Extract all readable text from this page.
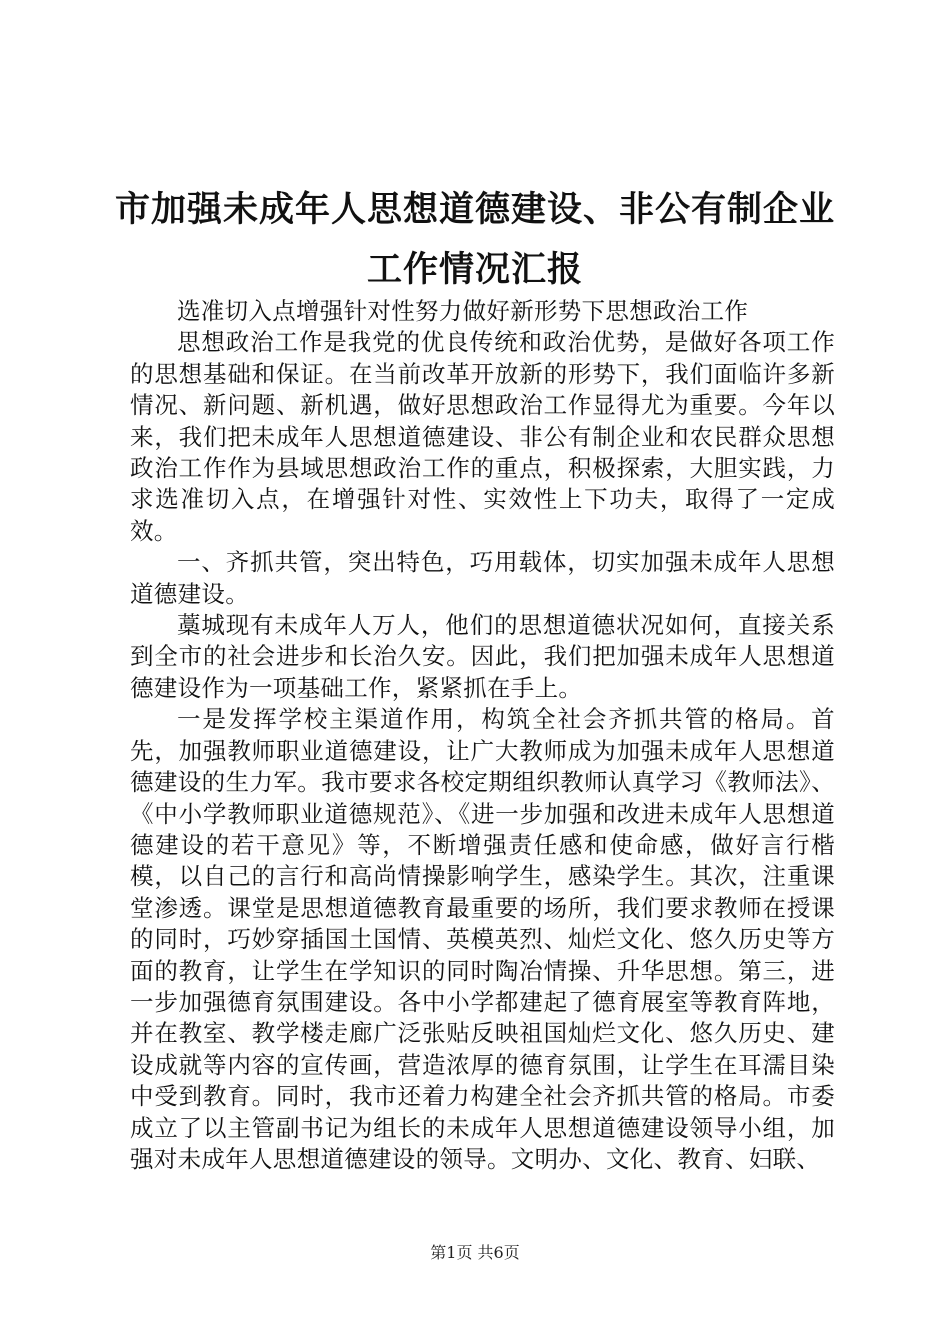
市加强未成年人思想道德建设、非公有制企业
工作情况汇报

选准切入点增强针对性努力做好新形势下思想政治工作

思想政治工作是我党的优良传统和政治优势，是做好各项工作的思想基础和保证。在当前改革开放新的形势下，我们面临许多新情况、新问题、新机遇，做好思想政治工作显得尤为重要。今年以来，我们把未成年人思想道德建设、非公有制企业和农民群众思想政治工作作为县域思想政治工作的重点，积极探索，大胆实践，力求选准切入点，在增强针对性、实效性上下功夫，取得了一定成效。

一、齐抓共管，突出特色，巧用载体，切实加强未成年人思想道德建设。

藁城现有未成年人万人，他们的思想道德状况如何，直接关系到全市的社会进步和长治久安。因此，我们把加强未成年人思想道德建设作为一项基础工作，紧紧抓在手上。

一是发挥学校主渠道作用，构筑全社会齐抓共管的格局。首先，加强教师职业道德建设，让广大教师成为加强未成年人思想道德建设的生力军。我市要求各校定期组织教师认真学习《教师法》、《中小学教师职业道德规范》、《进一步加强和改进未成年人思想道德建设的若干意见》等，不断增强责任感和使命感，做好言行楷模，以自己的言行和高尚情操影响学生，感染学生。其次，注重课堂渗透。课堂是思想道德教育最重要的场所，我们要求教师在授课的同时，巧妙穿插国土国情、英模英烈、灿烂文化、悠久历史等方面的教育，让学生在学知识的同时陶冶情操、升华思想。第三，进一步加强德育氛围建设。各中小学都建起了德育展室等教育阵地，并在教室、教学楼走廊广泛张贴反映祖国灿烂文化、悠久历史、建设成就等内容的宣传画，营造浓厚的德育氛围，让学生在耳濡目染中受到教育。同时，我市还着力构建全社会齐抓共管的格局。市委成立了以主管副书记为组长的未成年人思想道德建设领导小组，加强对未成年人思想道德建设的领导。文明办、文化、教育、妇联、

第1页 共6页
